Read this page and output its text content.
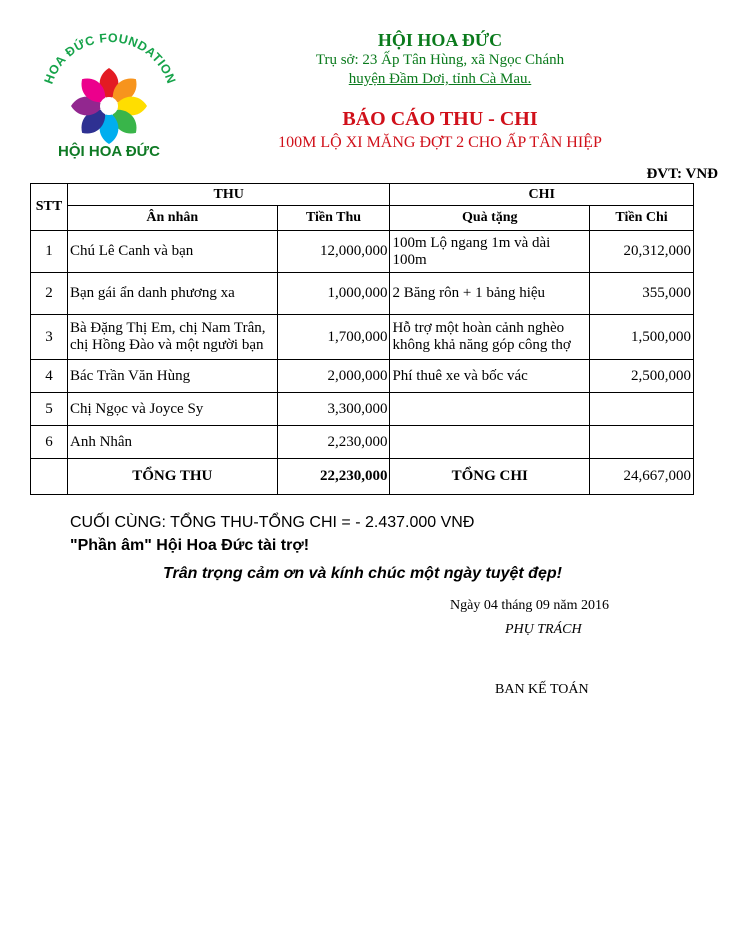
HOA ĐỨC FOUNDATION
HỘI HOA ĐỨC
HỘI HOA ĐỨC
Trụ sở: 23 Ấp Tân Hùng, xã Ngọc Chánh
huyện Đầm Dơi, tỉnh Cà Mau.
BÁO CÁO THU - CHI
100M LỘ XI MĂNG ĐỢT 2 CHO ẤP TÂN HIỆP
ĐVT: VNĐ
STT	THU		CHI	
	Ân nhân	Tiền Thu	Quà tặng	Tiền Chi
1	Chú Lê Canh và bạn	12,000,000	100m Lộ ngang 1m và dài 100m	20,312,000
2	Bạn gái ẩn danh phương xa	1,000,000	2 Băng rôn + 1 bảng hiệu	355,000
3	Bà Đặng Thị Em, chị Nam Trân, chị Hồng Đào và một người bạn	1,700,000	Hỗ trợ một hoàn cảnh nghèo không khả năng góp công thợ	1,500,000
4	Bác Trần Văn Hùng	2,000,000	Phí thuê xe và bốc vác	2,500,000
5	Chị Ngọc và Joyce Sy	3,300,000		
6	Anh Nhân	2,230,000		
	TỔNG THU	22,230,000	TỔNG CHI	24,667,000
CUỐI CÙNG: TỔNG THU-TỔNG CHI = - 2.437.000 VNĐ
"Phần âm" Hội Hoa Đức tài trợ!
Trân trọng cảm ơn và kính chúc một ngày tuyệt đẹp!
Ngày 04 tháng 09 năm 2016
PHỤ TRÁCH
BAN KẾ TOÁN
